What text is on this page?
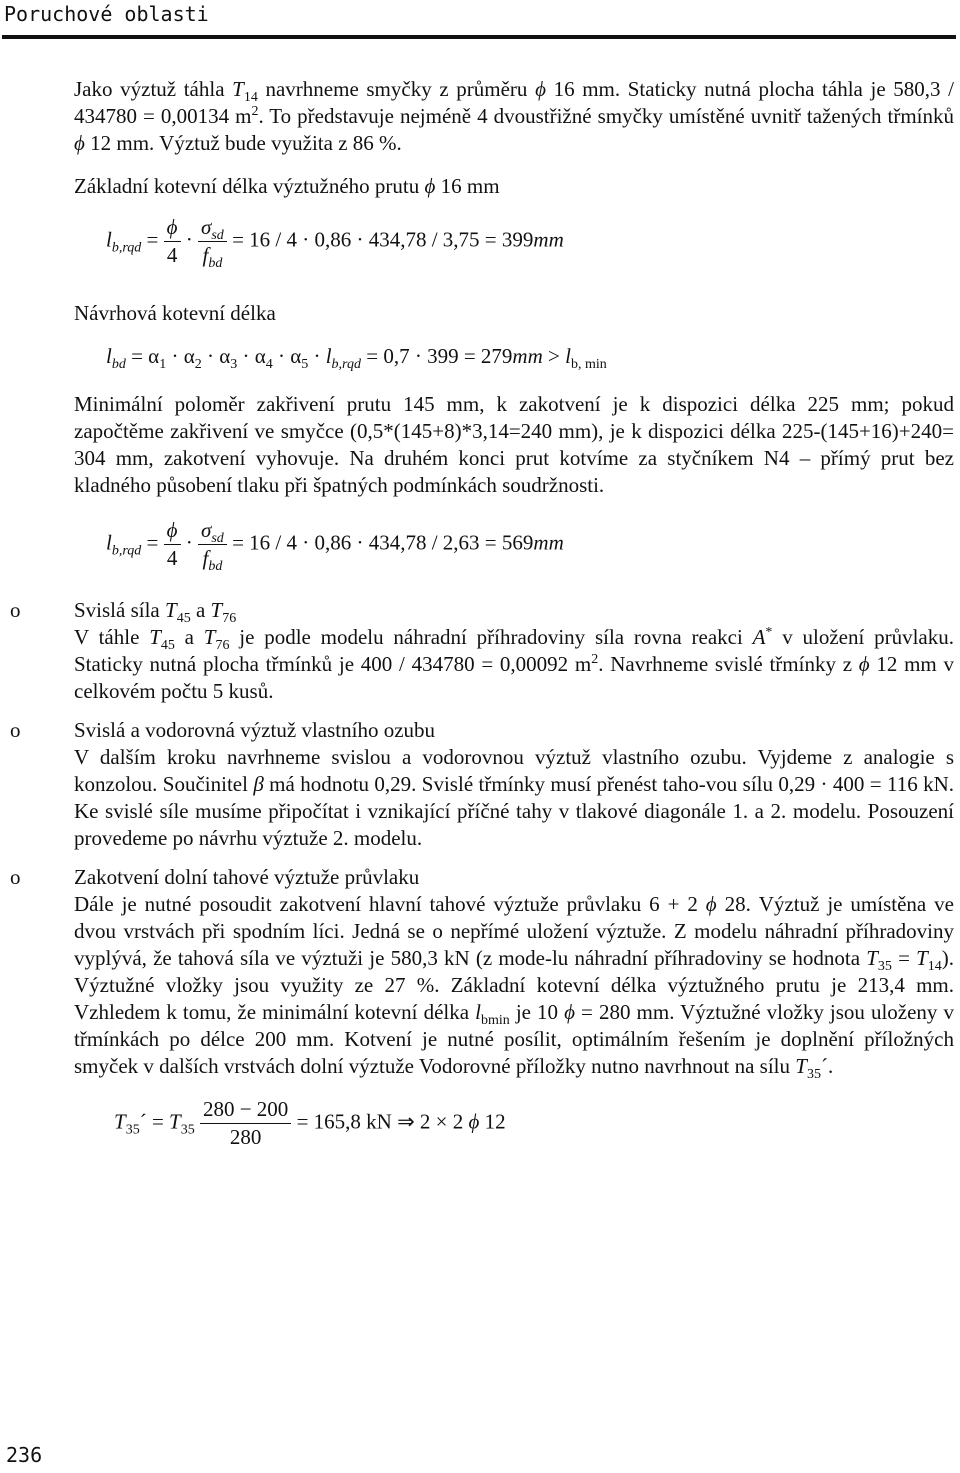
Poruchové oblasti

Jako výztuž táhla $T_{14}$ navrhneme smyčky z průměru ϕ 16 mm. Staticky nutná plocha táhla je 580,3 / 434780 = 0,00134 $m^2$. To představuje nejméně 4 dvoustřižné smyčky umístěné uvnitř tažených třmínků ϕ 12 mm. Výztuž bude využita z 86 %.

Základní kotevní délka výztužného prutu ϕ 16 mm

$l_{b,rqd} = \frac{\phi}{4} \cdot \frac{\sigma_{sd}}{f_{bd}} = 16 / 4 \cdot 0,86 \cdot 434,78 / 3,75 = 399mm$

Návrhová kotevní délka

$l_{bd} = \alpha_1 \cdot \alpha_2 \cdot \alpha_3 \cdot \alpha_4 \cdot \alpha_5 \cdot l_{b,rqd} = 0,7 \cdot 399 = 279mm > l_{b, min}$

Minimální poloměr zakřivení prutu 145 mm, k zakotvení je k dispozici délka 225 mm; pokud započtěme zakřivení ve smyčce (0,5*(145+8)*3,14=240 mm), je k dispozici délka 225-(145+16)+240= 304 mm, zakotvení vyhovuje. Na druhém konci prut kotvíme za styčníkem N4 – přímý prut bez kladného působení tlaku při špatných podmínkách soudržnosti.

$l_{b,rqd} = \frac{\phi}{4} \cdot \frac{\sigma_{sd}}{f_{bd}} = 16 / 4 \cdot 0,86 \cdot 434,78 / 2,63 = 569mm$
o	Svislá síla $T_{45}$ a $T_{76}$

V táhle $T_{45}$ a $T_{76}$ je podle modelu náhradní příhradoviny síla rovna reakci A* v uložení průvlaku. Staticky nutná plocha třmínků je 400 / 434780 = 0,00092 $m^2$. Navrhneme svislé třmínky z ϕ 12 mm v celkovém počtu 5 kusů.

o	Svislá a vodorovná výztuž vlastního ozubu

V dalším kroku navrhneme svislou a vodorovnou výztuž vlastního ozubu. Vyjdeme z analogie s konzolou. Součinitel β má hodnotu 0,29. Svislé třmínky musí přenést taho-vou sílu 0,29 · 400 = 116 kN. Ke svislé síle musíme připočítat i vznikající příčné tahy v tlakové diagonále 1. a 2. modelu. Posouzení provedeme po návrhu výztuže 2. modelu.

o	Zakotvení dolní tahové výztuže průvlaku

Dále je nutné posoudit zakotvení hlavní tahové výztuže průvlaku 6 + 2 ϕ 28. Výztuž je umístěna ve dvou vrstvách při spodním líci. Jedná se o nepřímé uložení výztuže. Z modelu náhradní příhradoviny vyplývá, že tahová síla ve výztuži je 580,3 kN (z mode-lu náhradní příhradoviny se hodnota $T_{35} = T_{14}$). Výztužné vložky jsou využity ze 27 %. Základní kotevní délka výztužného prutu je 213,4 mm. Vzhledem k tomu, že minimální kotevní délka $l_{bmin}$ je 10 ϕ = 280 mm. Výztužné vložky jsou uloženy v třmínkách po délce 200 mm. Kotvení je nutné posílit, optimálním řešením je doplnění příložných smyček v dalších vrstvách dolní výztuže Vodorovné příložky nutno navrhnout na sílu $T_{35}´$.

$T_{35}´ = T_{35} \frac{280 - 200}{280} = 165,8$ kN ⇒ 2 × 2 ϕ 12
236
